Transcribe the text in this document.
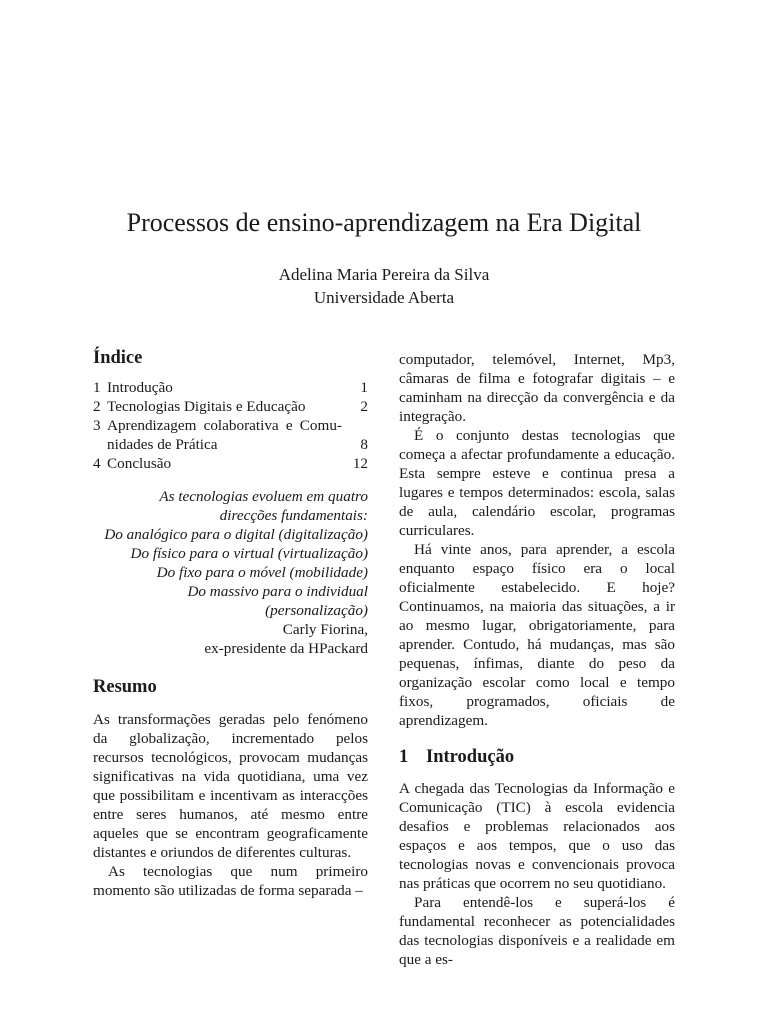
Processos de ensino-aprendizagem na Era Digital
Adelina Maria Pereira da Silva
Universidade Aberta
Índice
1 Introdução	1
2 Tecnologias Digitais e Educação	2
3 Aprendizagem colaborativa e Comu-
nidades de Prática	8
4 Conclusão	12
As tecnologias evoluem em quatro
direcções fundamentais:
Do analógico para o digital (digitalização)
Do físico para o virtual (virtualização)
Do fixo para o móvel (mobilidade)
Do massivo para o individual
(personalização)
Carly Fiorina,
ex-presidente da HPackard
Resumo

As transformações geradas pelo fenómeno da globalização, incrementado pelos recursos tecnológicos, provocam mudanças significativas na vida quotidiana, uma vez que possibilitam e incentivam as interacções entre seres humanos, até mesmo entre aqueles que se encontram geograficamente distantes e oriundos de diferentes culturas.

As tecnologias que num primeiro momento são utilizadas de forma separada –

computador, telemóvel, Internet, Mp3, câmaras de filma e fotografar digitais – e caminham na direcção da convergência e da integração.

É o conjunto destas tecnologias que começa a afectar profundamente a educação. Esta sempre esteve e continua presa a lugares e tempos determinados: escola, salas de aula, calendário escolar, programas curriculares.

Há vinte anos, para aprender, a escola enquanto espaço físico era o local oficialmente estabelecido. E hoje? Continuamos, na maioria das situações, a ir ao mesmo lugar, obrigatoriamente, para aprender. Contudo, há mudanças, mas são pequenas, ínfimas, diante do peso da organização escolar como local e tempo fixos, programados, oficiais de aprendizagem.

1 Introdução

A chegada das Tecnologias da Informação e Comunicação (TIC) à escola evidencia desafios e problemas relacionados aos espaços e aos tempos, que o uso das tecnologias novas e convencionais provoca nas práticas que ocorrem no seu quotidiano.

Para entendê-los e superá-los é fundamental reconhecer as potencialidades das tecnologias disponíveis e a realidade em que a es-
